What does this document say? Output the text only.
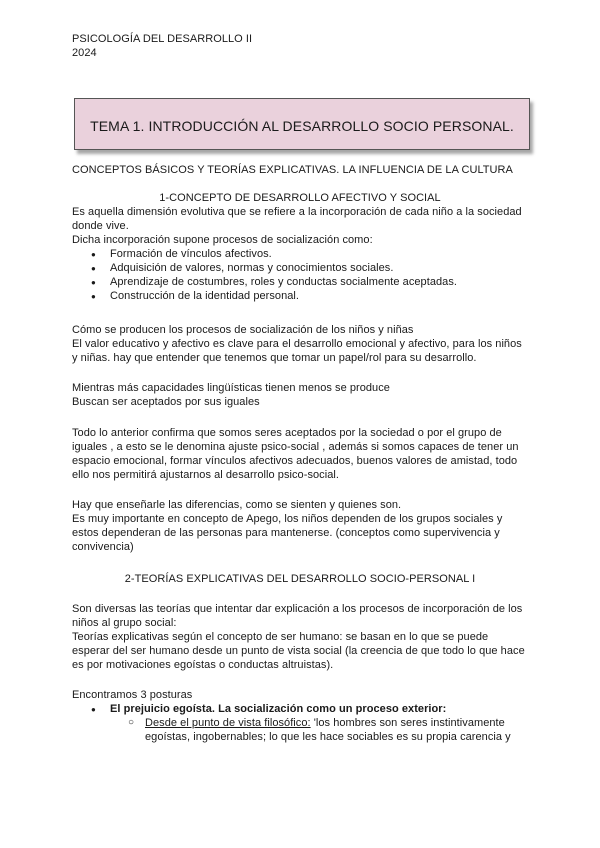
PSICOLOGÍA DEL DESARROLLO II
2024
TEMA 1. INTRODUCCIÓN AL DESARROLLO SOCIO PERSONAL.
CONCEPTOS BÁSICOS Y TEORÍAS EXPLICATIVAS. LA INFLUENCIA DE LA CULTURA
1-CONCEPTO DE DESARROLLO AFECTIVO Y SOCIAL
Es aquella dimensión evolutiva que se refiere a la incorporación de cada niño a la sociedad
donde vive.
Dicha incorporación supone procesos de socialización como:
● Formación de vínculos afectivos.
● Adquisición de valores, normas y conocimientos sociales.
● Aprendizaje de costumbres, roles y conductas socialmente aceptadas.
● Construcción de la identidad personal.
Cómo se producen los procesos de socialización de los niños y niñas
El valor educativo y afectivo es clave para el desarrollo emocional y afectivo, para los niños
y niñas. hay que entender que tenemos que tomar un papel/rol para su desarrollo.
Mientras más capacidades lingüísticas tienen menos se produce
Buscan ser aceptados por sus iguales
Todo lo anterior confirma que somos seres aceptados por la sociedad o por el grupo de
iguales , a esto se le denomina ajuste psico-social , además si somos capaces de tener un
espacio emocional, formar vínculos afectivos adecuados, buenos valores de amistad, todo
ello nos permitirá ajustarnos al desarrollo psico-social.
Hay que enseñarle las diferencias, como se sienten y quienes son.
Es muy importante en concepto de Apego, los niños dependen de los grupos sociales y
estos dependeran de las personas para mantenerse. (conceptos como supervivencia y
convivencia)
2-TEORÍAS EXPLICATIVAS DEL DESARROLLO SOCIO-PERSONAL I
Son diversas las teorías que intentar dar explicación a los procesos de incorporación de los
niños al grupo social:
Teorías explicativas según el concepto de ser humano: se basan en lo que se puede
esperar del ser humano desde un punto de vista social (la creencia de que todo lo que hace
es por motivaciones egoístas o conductas altruistas).
Encontramos 3 posturas
● El prejuicio egoísta. La socialización como un proceso exterior:
○ Desde el punto de vista filosófico: 'los hombres son seres instintivamente
egoístas, ingobernables; lo que les hace sociables es su propia carencia y
